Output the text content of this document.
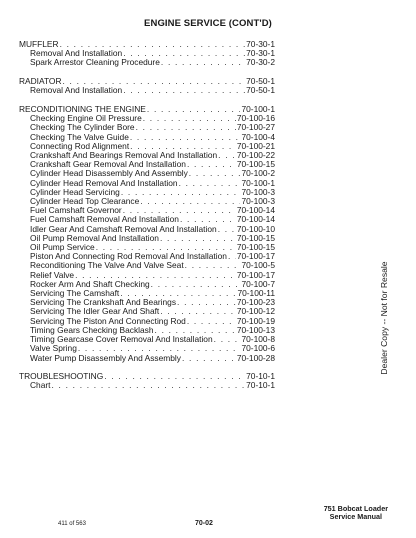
ENGINE SERVICE (CONT'D)
MUFFLER . . .	70-30-1
Removal And Installation . . .	70-30-1
Spark Arrestor Cleaning Procedure . . .	70-30-2
RADIATOR . . .	70-50-1
Removal And Installation . . .	70-50-1
RECONDITIONING THE ENGINE . . .	70-100-1
Checking Engine Oil Pressure . . .	70-100-16
Checking The Cylinder Bore . . .	70-100-27
Checking The Valve Guide . . .	70-100-4
Connecting Rod Alignment . . .	70-100-21
Crankshaft And Bearings Removal And Installation . . . 70-100-22
Crankshaft Gear Removal And Installation . . .	70-100-15
Cylinder Head Disassembly And Assembly . . .	70-100-2
Cylinder Head Removal And Installation . . .	70-100-1
Cylinder Head Servicing . . .	70-100-3
Cylinder Head Top Clearance . . .	70-100-3
Fuel Camshaft Governor . . .	70-100-14
Fuel Camshaft Removal And Installation . . .	70-100-14
Idler Gear And Camshaft Removal And Installation . . . 70-100-10
Oil Pump Removal And Installation . . .	70-100-15
Oil Pump Service . . .	70-100-15
Piston And Connecting Rod Removal And Installation . . . 70-100-17
Reconditioning The Valve And Valve Seat . . .	70-100-5
Relief Valve . . .	70-100-17
Rocker Arm And Shaft Checking . . .	70-100-7
Servicing The Camshaft . . .	70-100-11
Servicing The Crankshaft And Bearings . . .	70-100-23
Servicing The Idler Gear And Shaft . . .	70-100-12
Servicing The Piston And Connecting Rod . . .	70-100-19
Timing Gears Checking Backlash . . .	70-100-13
Timing Gearcase Cover Removal And Installation . . .	70-100-8
Valve Spring . . .	70-100-6
Water Pump Disassembly And Assembly . . .	70-100-28
TROUBLESHOOTING . . .	70-10-1
Chart . . .	70-10-1
Dealer Copy -- Not for Resale
751 Bobcat Loader
Service Manual
411 of 563	70-02
